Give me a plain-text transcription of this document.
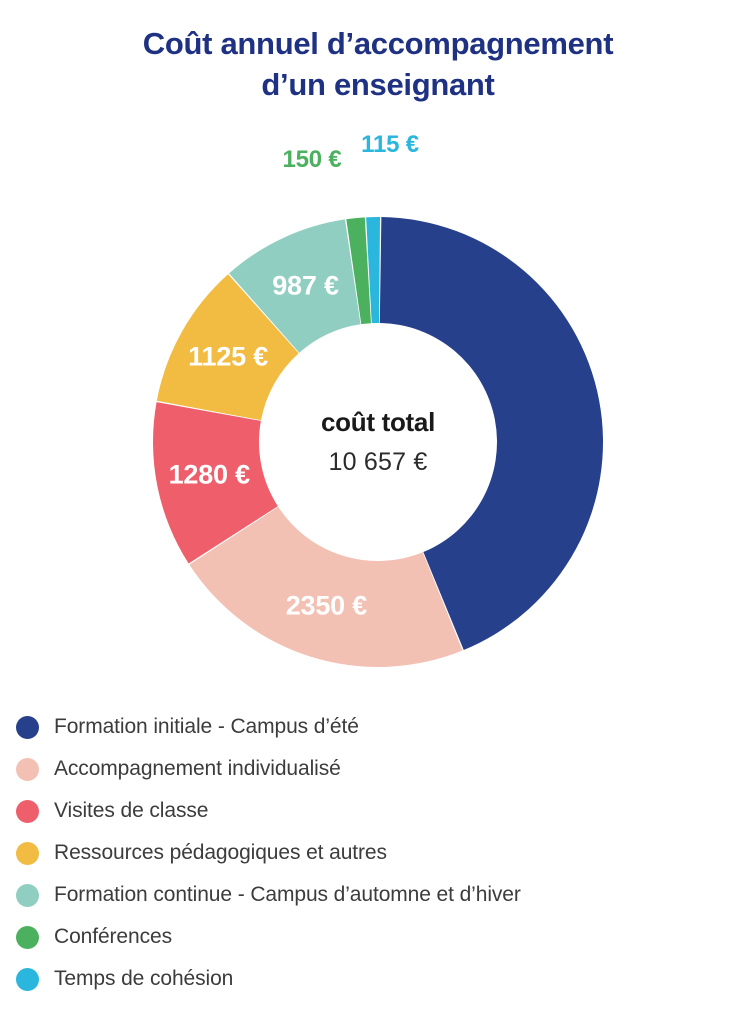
Coût annuel d’accompagnement
d’un enseignant
coût total
10 657 €
4650 €
2350 €
1280 €
1125 €
987 €
150 €
115 €
Formation initiale - Campus d’été
Accompagnement individualisé
Visites de classe
Ressources pédagogiques et autres
Formation continue - Campus d’automne et d’hiver
Conférences
Temps de cohésion
